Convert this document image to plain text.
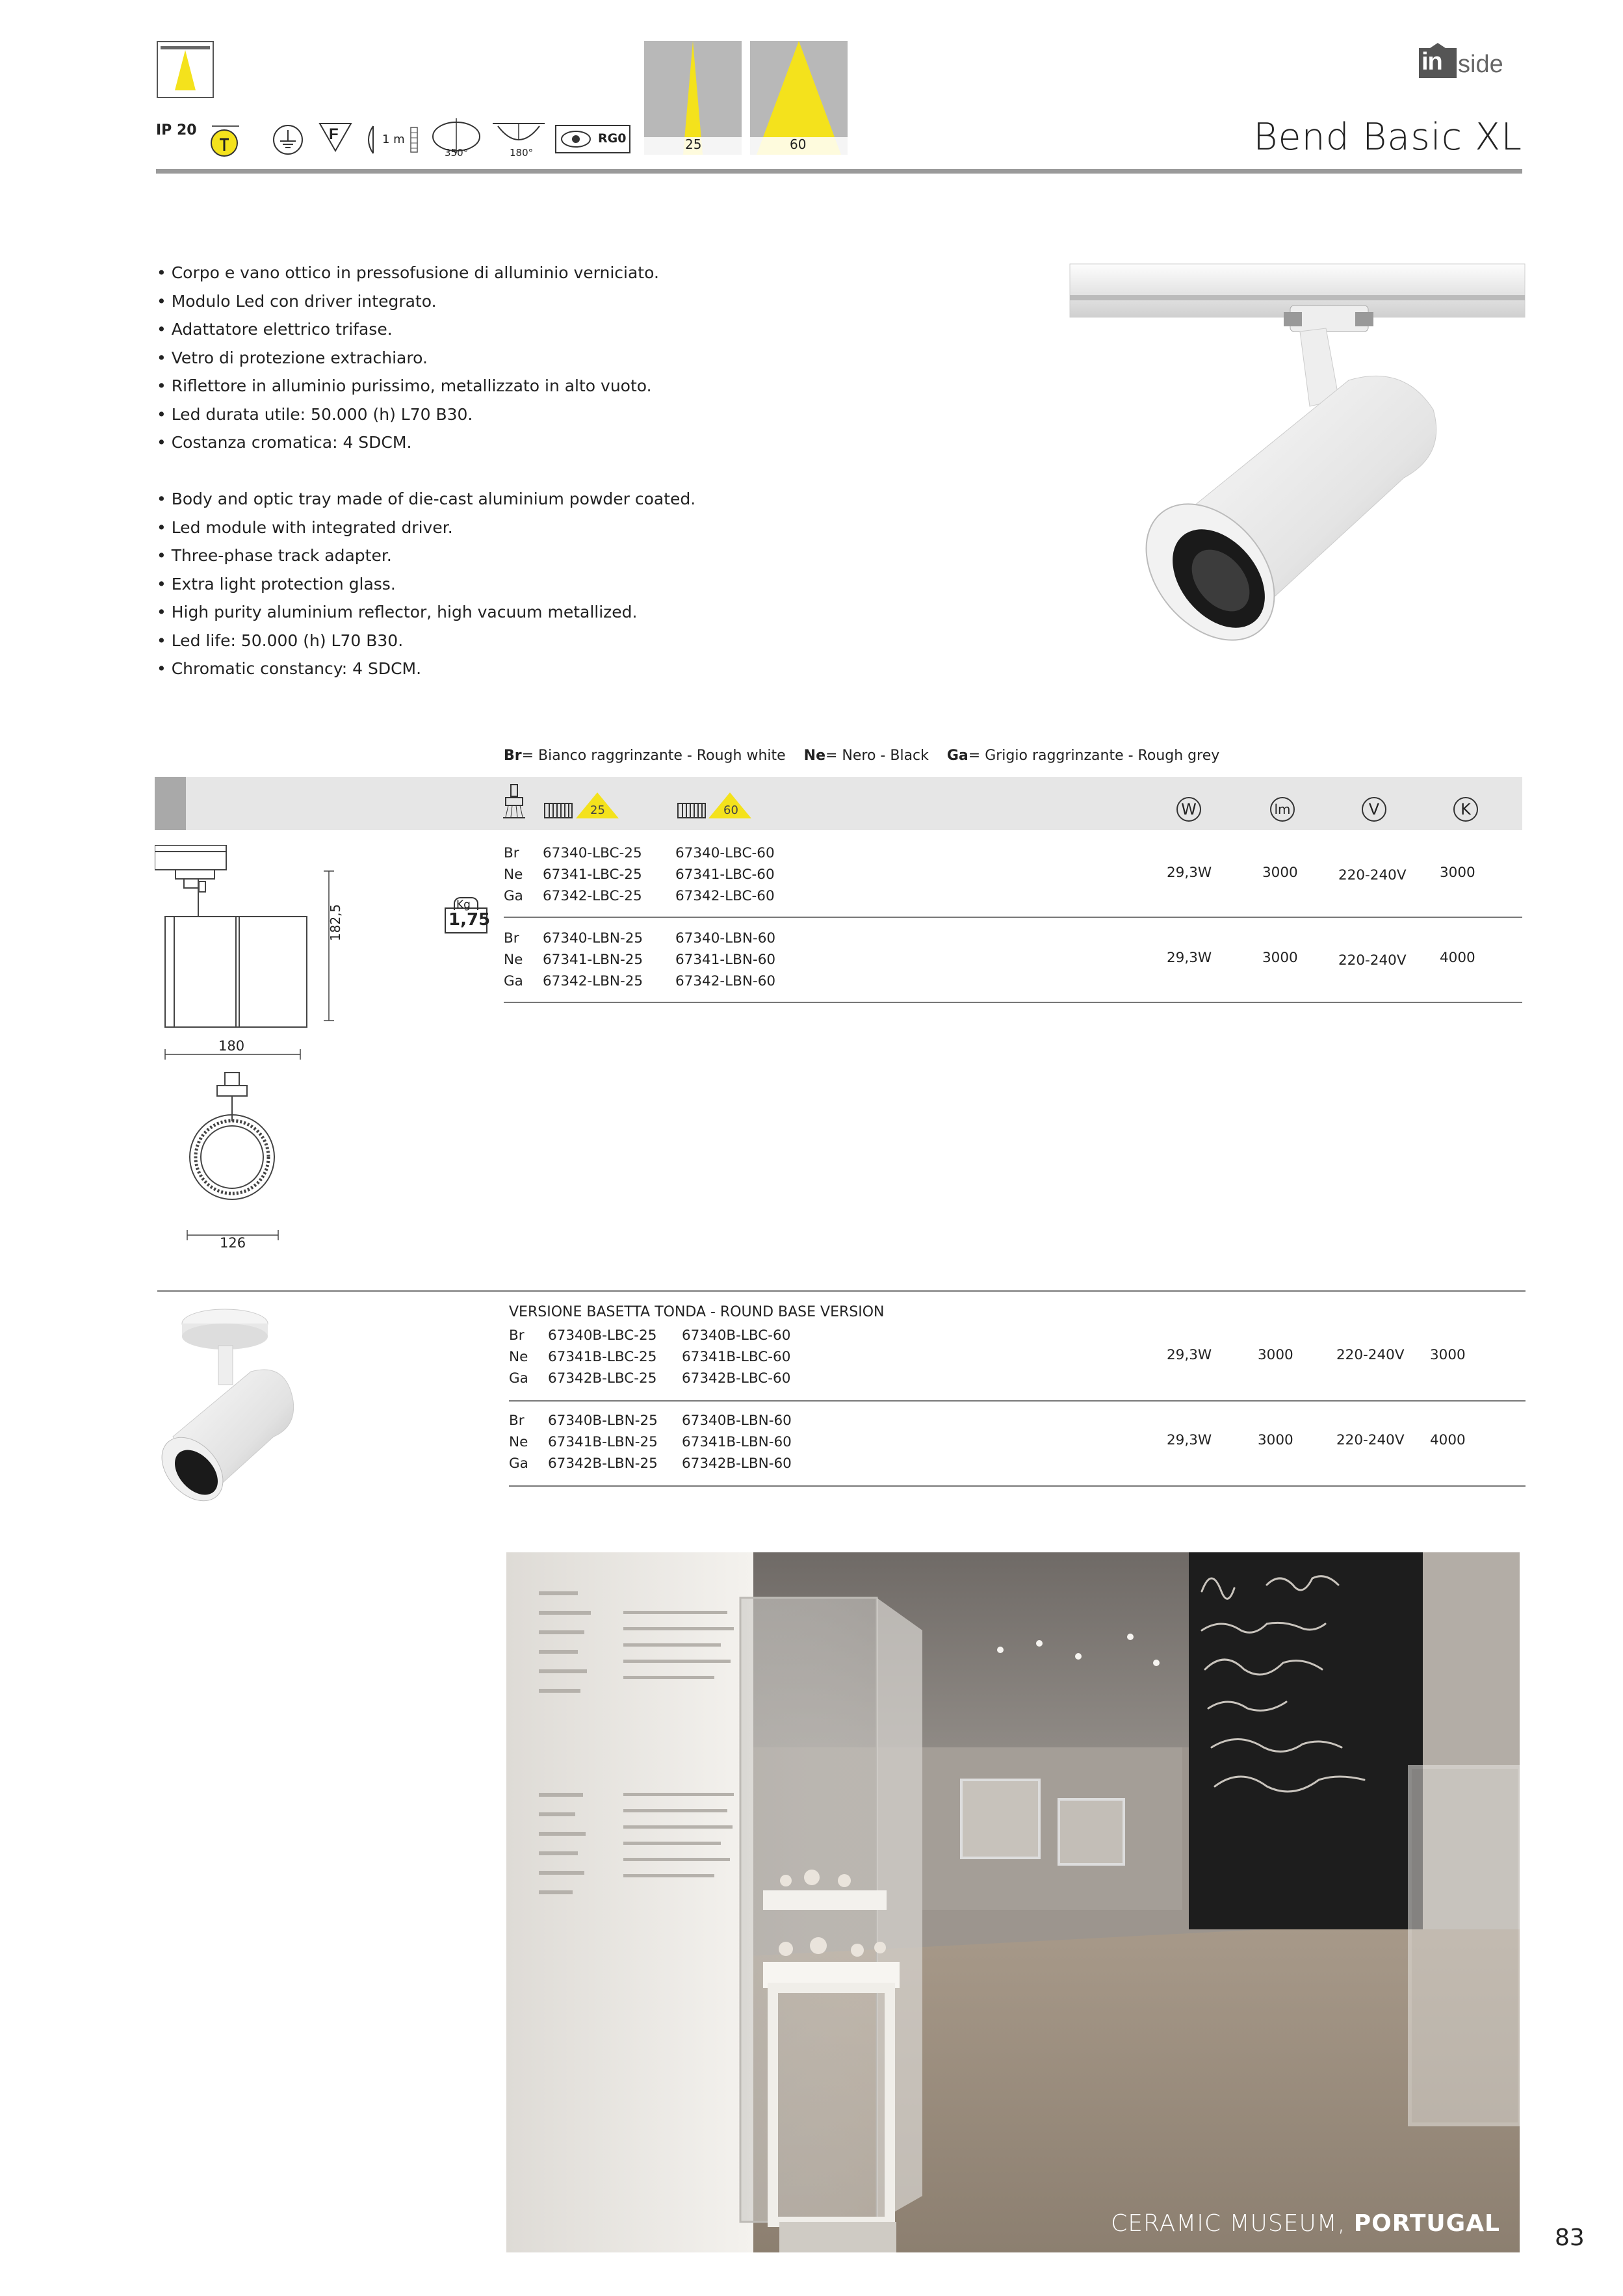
IP 20	F	1 m
350°	180°
RG0	25	60
in side
Bend Basic XL
• Corpo e vano ottico in pressofusione di alluminio verniciato.
• Modulo Led con driver integrato.
• Adattatore elettrico trifase.
• Vetro di protezione extrachiaro.
• Riflettore in alluminio purissimo, metallizzato in alto vuoto.
• Led durata utile: 50.000 (h) L70 B30.
• Costanza cromatica: 4 SDCM.
• Body and optic tray made of die-cast aluminium powder coated.
• Led module with integrated driver.
• Three-phase track adapter.
• Extra light protection glass.
• High purity aluminium reflector, high vacuum metallized.
• Led life: 50.000 (h) L70 B30.
• Chromatic constancy: 4 SDCM.
Br= Bianco raggrinzante - Rough white Ne= Nero - Black Ga= Grigio raggrinzante - Rough grey
25	60	W	lm	V	K
182,5
180
126
Kg
1,75
Br 67340-LBC-25 67340-LBC-60
Ne 67341-LBC-25 67341-LBC-60
Ga 67342-LBC-25 67342-LBC-60
29,3W	3000	220-240V 3000
Br 67340-LBN-25 67340-LBN-60
Ne 67341-LBN-25 67341-LBN-60
Ga 67342-LBN-25 67342-LBN-60
29,3W	3000	220-240V 4000
VERSIONE BASETTA TONDA - ROUND BASE VERSION
Br 67340B-LBC-25 67340B-LBC-60
Ne 67341B-LBC-25 67341B-LBC-60
Ga 67342B-LBC-25 67342B-LBC-60
29,3W	3000	220-240V 3000
Br 67340B-LBN-25 67340B-LBN-60
Ne 67341B-LBN-25 67341B-LBN-60
Ga 67342B-LBN-25 67342B-LBN-60
29,3W	3000	220-240V 4000
CERAMIC MUSEUM, PORTUGAL
83
